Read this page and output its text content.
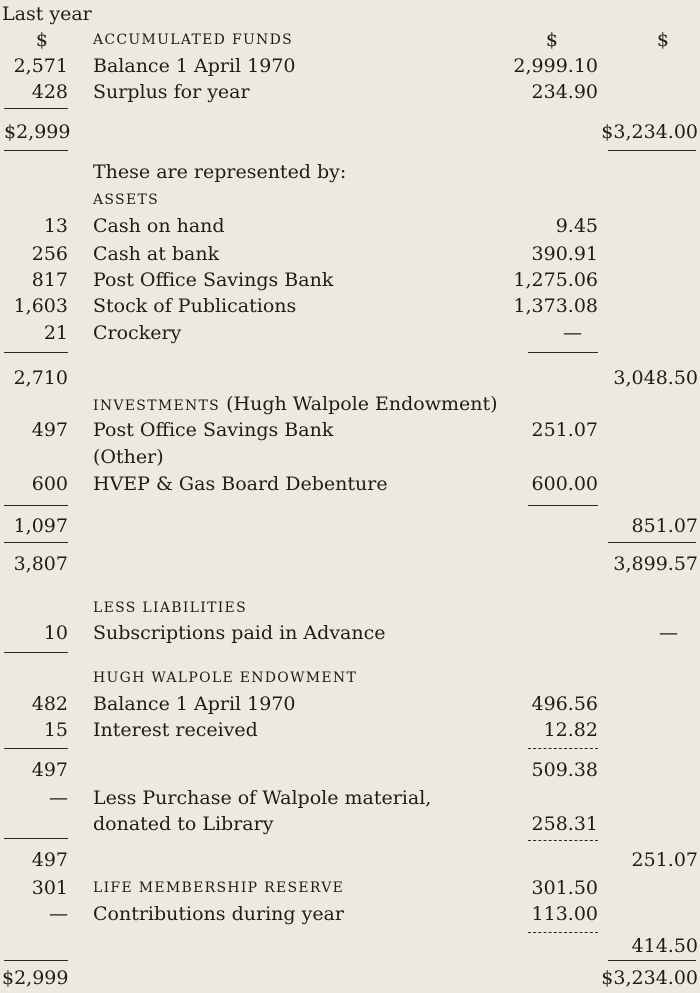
Last year
$	ACCUMULATED FUNDS	$	$
2,571 Balance 1 April 1970	2,999.10
428 Surplus for year	234.90
$2,999	$3,234.00
These are represented by:
ASSETS
13 Cash on hand	9.45
256 Cash at bank	390.91
817 Post Office Savings Bank	1,275.06
1,603 Stock of Publications	1,373.08
21 Crockery	—
2,710	3,048.50
INVESTMENTS (Hugh Walpole Endowment)
497 Post Office Savings Bank	251.07
(Other)
600 HVEP & Gas Board Debenture	600.00
1,097	851.07
3,807	3,899.57
LESS LIABILITIES
10 Subscriptions paid in Advance	—
HUGH WALPOLE ENDOWMENT
482 Balance 1 April 1970	496.56
15 Interest received	12.82
497	509.38
— Less Purchase of Walpole material,
donated to Library	258.31
497	251.07
301 LIFE MEMBERSHIP RESERVE	301.50
— Contributions during year	113.00
414.50
$2,999	$3,234.00
